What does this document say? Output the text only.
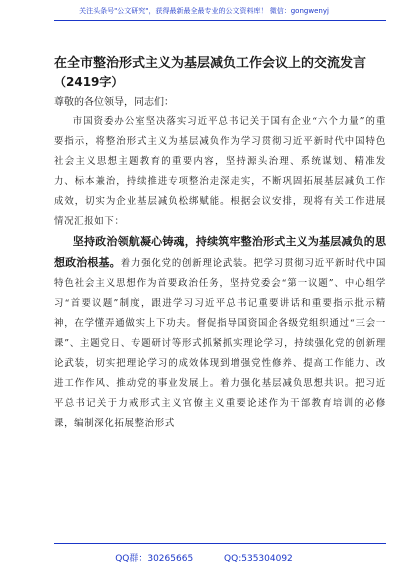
关注头条号"公文研究"，获得最新最全最专业的公文资料库！ 微信：gongwenyj

在全市整治形式主义为基层减负工作会议上的交流发言

（2419字）

尊敬的各位领导，同志们：

市国资委办公室坚决落实习近平总书记关于国有企业“六个力量”的重要指示，将整治形式主义为基层减负作为学习贯彻习近平新时代中国特色社会主义思想主题教育的重要内容，坚持源头治理、系统谋划、精准发力、标本兼治，持续推进专项整治走深走实，不断巩固拓展基层减负工作成效，切实为企业基层减负松绑赋能。根据会议安排，现将有关工作进展情况汇报如下：

坚持政治领航凝心铸魂，持续筑牢整治形式主义为基层减负的思想政治根基。着力强化党的创新理论武装。把学习贯彻习近平新时代中国特色社会主义思想作为首要政治任务，坚持党委会“第一议题”、中心组学习“首要议题”制度，跟进学习习近平总书记重要讲话和重要指示批示精神，在学懂弄通做实上下功夫。督促指导国资国企各级党组织通过“三会一课”、主题党日、专题研讨等形式抓紧抓实理论学习，持续强化党的创新理论武装，切实把理论学习的成效体现到增强党性修养、提高工作能力、改进工作作风、推动党的事业发展上。着力强化基层减负思想共识。把习近平总书记关于力戒形式主义官僚主义重要论述作为干部教育培训的必修课，编制深化拓展整治形式

QQ群：30265665	QQ:535304092
